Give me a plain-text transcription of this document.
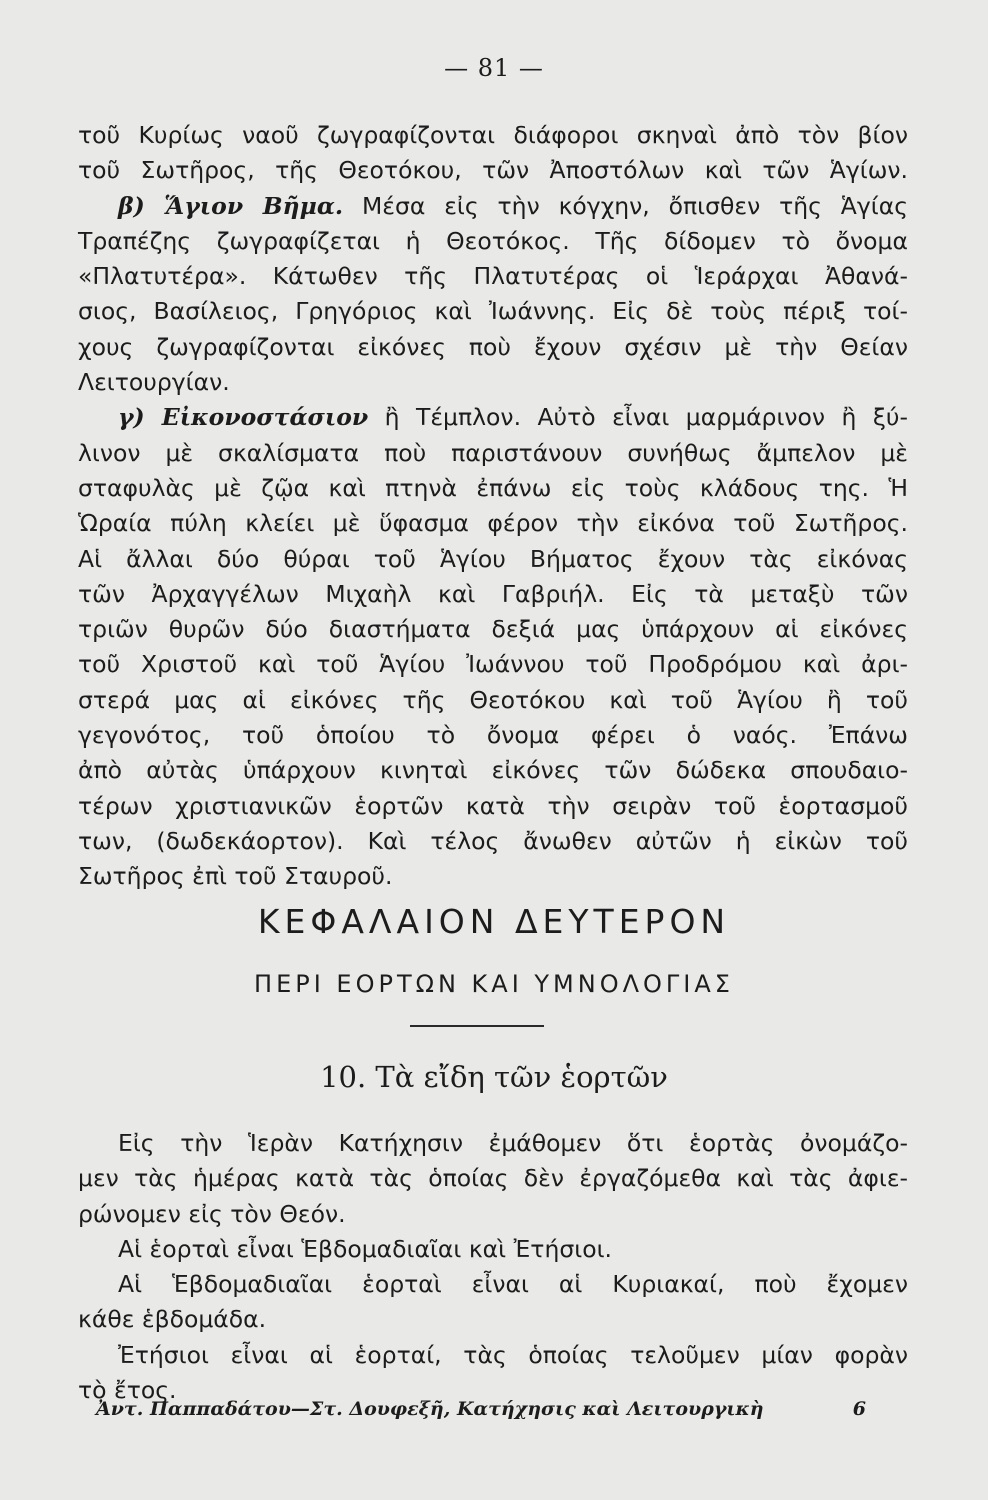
— 81 —
τοῦ Κυρίως ναοῦ ζωγραφίζονται διάφοροι σκηναὶ ἀπὸ τὸν βίον
τοῦ Σωτῆρος, τῆς Θεοτόκου, τῶν Ἀποστόλων καὶ τῶν Ἁγίων.
β) Ἅγιον Βῆμα. Μέσα εἰς τὴν κόγχην, ὄπισθεν τῆς Ἁγίας
Τραπέζης ζωγραφίζεται ἡ Θεοτόκος. Τῆς δίδομεν τὸ ὄνομα
«Πλατυτέρα». Κάτωθεν τῆς Πλατυτέρας οἱ Ἱεράρχαι Ἀθανά-
σιος, Βασίλειος, Γρηγόριος καὶ Ἰωάννης. Εἰς δὲ τοὺς πέριξ τοί-
χους ζωγραφίζονται εἰκόνες ποὺ ἔχουν σχέσιν μὲ τὴν Θείαν
Λειτουργίαν.
γ) Εἰκονοστάσιον ἢ Τέμπλον. Αὐτὸ εἶναι μαρμάρινον ἢ ξύ-
λινον μὲ σκαλίσματα ποὺ παριστάνουν συνήθως ἄμπελον μὲ
σταφυλὰς μὲ ζῷα καὶ πτηνὰ ἐπάνω εἰς τοὺς κλάδους της. Ἡ
Ὡραία πύλη κλείει μὲ ὕφασμα φέρον τὴν εἰκόνα τοῦ Σωτῆρος.
Αἱ ἄλλαι δύο θύραι τοῦ Ἁγίου Βήματος ἔχουν τὰς εἰκόνας
τῶν Ἀρχαγγέλων Μιχαὴλ καὶ Γαβριήλ. Εἰς τὰ μεταξὺ τῶν
τριῶν θυρῶν δύο διαστήματα δεξιά μας ὑπάρχουν αἱ εἰκόνες
τοῦ Χριστοῦ καὶ τοῦ Ἁγίου Ἰωάννου τοῦ Προδρόμου καὶ ἀρι-
στερά μας αἱ εἰκόνες τῆς Θεοτόκου καὶ τοῦ Ἁγίου ἢ τοῦ
γεγονότος, τοῦ ὁποίου τὸ ὄνομα φέρει ὁ ναός. Ἐπάνω
ἀπὸ αὐτὰς ὑπάρχουν κινηταὶ εἰκόνες τῶν δώδεκα σπουδαιο-
τέρων χριστιανικῶν ἑορτῶν κατὰ τὴν σειρὰν τοῦ ἑορτασμοῦ
των, (δωδεκάορτον). Καὶ τέλος ἄνωθεν αὐτῶν ἡ εἰκὼν τοῦ
Σωτῆρος ἐπὶ τοῦ Σταυροῦ.
ΚΕΦΑΛΑΙΟΝ ΔΕΥΤΕΡΟΝ
ΠΕΡΙ ΕΟΡΤΩΝ ΚΑΙ ΥΜΝΟΛΟΓΙΑΣ
10. Τὰ εἴδη τῶν ἑορτῶν
Εἰς τὴν Ἱερὰν Κατήχησιν ἐμάθομεν ὅτι ἑορτὰς ὀνομάζο-
μεν τὰς ἡμέρας κατὰ τὰς ὁποίας δὲν ἐργαζόμεθα καὶ τὰς ἀφιε-
ρώνομεν εἰς τὸν Θεόν.
Αἱ ἑορταὶ εἶναι Ἑβδομαδιαῖαι καὶ Ἐτήσιοι.
Αἱ Ἑβδομαδιαῖαι ἑορταὶ εἶναι αἱ Κυριακαί, ποὺ ἔχομεν
κάθε ἑβδομάδα.
Ἐτήσιοι εἶναι αἱ ἑορταί, τὰς ὁποίας τελοῦμεν μίαν φορὰν
τὸ ἔτος.
Ἀντ. Παππαδάτου—Στ. Δουφεξῆ, Κατήχησις καὶ Λειτουργικὴ	6
